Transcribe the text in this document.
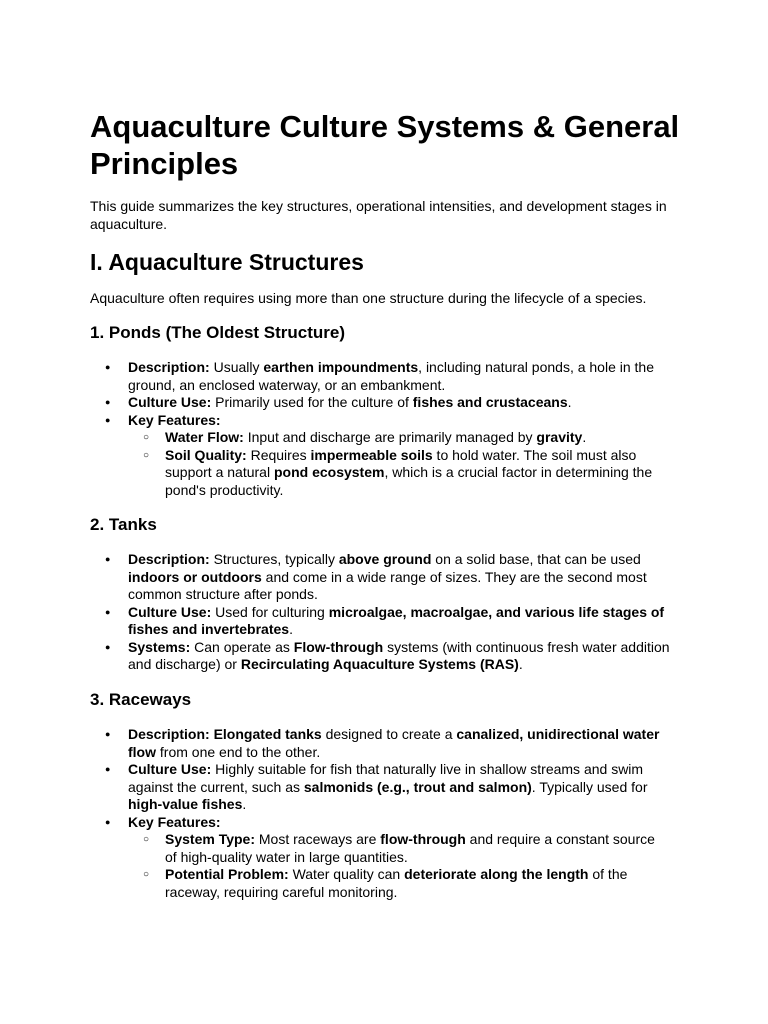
Aquaculture Culture Systems & General Principles

This guide summarizes the key structures, operational intensities, and development stages in aquaculture.

I. Aquaculture Structures

Aquaculture often requires using more than one structure during the lifecycle of a species.

1. Ponds (The Oldest Structure)
● Description: Usually earthen impoundments, including natural ponds, a hole in the ground, an enclosed waterway, or an embankment.
● Culture Use: Primarily used for the culture of fishes and crustaceans.
● Key Features:
○ Water Flow: Input and discharge are primarily managed by gravity.
○ Soil Quality: Requires impermeable soils to hold water. The soil must also support a natural pond ecosystem, which is a crucial factor in determining the pond's productivity.
2. Tanks
● Description: Structures, typically above ground on a solid base, that can be used indoors or outdoors and come in a wide range of sizes. They are the second most common structure after ponds.
● Culture Use: Used for culturing microalgae, macroalgae, and various life stages of fishes and invertebrates.
● Systems: Can operate as Flow-through systems (with continuous fresh water addition and discharge) or Recirculating Aquaculture Systems (RAS).
3. Raceways
● Description: Elongated tanks designed to create a canalized, unidirectional water flow from one end to the other.
● Culture Use: Highly suitable for fish that naturally live in shallow streams and swim against the current, such as salmonids (e.g., trout and salmon). Typically used for high-value fishes.
● Key Features:
○ System Type: Most raceways are flow-through and require a constant source of high-quality water in large quantities.
○ Potential Problem: Water quality can deteriorate along the length of the raceway, requiring careful monitoring.
